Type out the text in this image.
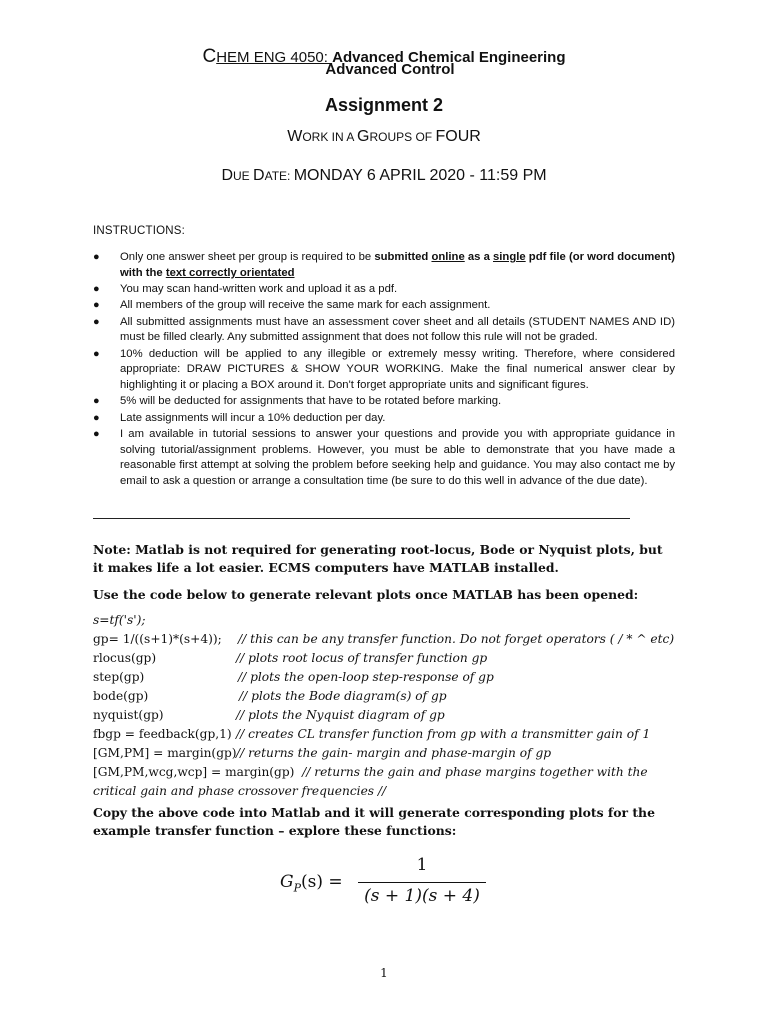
CHEM ENG 4050: Advanced Chemical Engineering
Advanced Control
Assignment 2
WORK IN A GROUPS OF FOUR
DUE DATE: MONDAY 6 APRIL 2020 - 11:59 PM
INSTRUCTIONS:
● Only one answer sheet per group is required to be submitted online as a single pdf file (or word document) with the text correctly orientated
● You may scan hand-written work and upload it as a pdf.
● All members of the group will receive the same mark for each assignment.
● All submitted assignments must have an assessment cover sheet and all details (STUDENT NAMES AND ID) must be filled clearly. Any submitted assignment that does not follow this rule will not be graded.
● 10% deduction will be applied to any illegible or extremely messy writing. Therefore, where considered appropriate: DRAW PICTURES & SHOW YOUR WORKING. Make the final numerical answer clear by highlighting it or placing a BOX around it. Don't forget appropriate units and significant figures.
● 5% will be deducted for assignments that have to be rotated before marking.
● Late assignments will incur a 10% deduction per day.
● I am available in tutorial sessions to answer your questions and provide you with appropriate guidance in solving tutorial/assignment problems. However, you must be able to demonstrate that you have made a reasonable first attempt at solving the problem before seeking help and guidance. You may also contact me by email to ask a question or arrange a consultation time (be sure to do this well in advance of the due date).
Note: Matlab is not required for generating root-locus, Bode or Nyquist plots, but it makes life a lot easier. ECMS computers have MATLAB installed.
Use the code below to generate relevant plots once MATLAB has been opened:
s=tf('s');
gp= 1/((s+1)*(s+4)); // this can be any transfer function. Do not forget operators ( / * ^ etc)
rlocus(gp)	// plots root locus of transfer function gp
step(gp)	// plots the open-loop step-response of gp
bode(gp)	// plots the Bode diagram(s) of gp
nyquist(gp)	// plots the Nyquist diagram of gp
fbgp = feedback(gp,1) // creates CL transfer function from gp with a transmitter gain of 1
[GM,PM] = margin(gp) // returns the gain- margin and phase-margin of gp
[GM,PM,wcg,wcp] = margin(gp) // returns the gain and phase margins together with the critical gain and phase crossover frequencies //
Copy the above code into Matlab and it will generate corresponding plots for the example transfer function – explore these functions:
$G_P(s)$ =
1
(s + 1)(s + 4)
1
